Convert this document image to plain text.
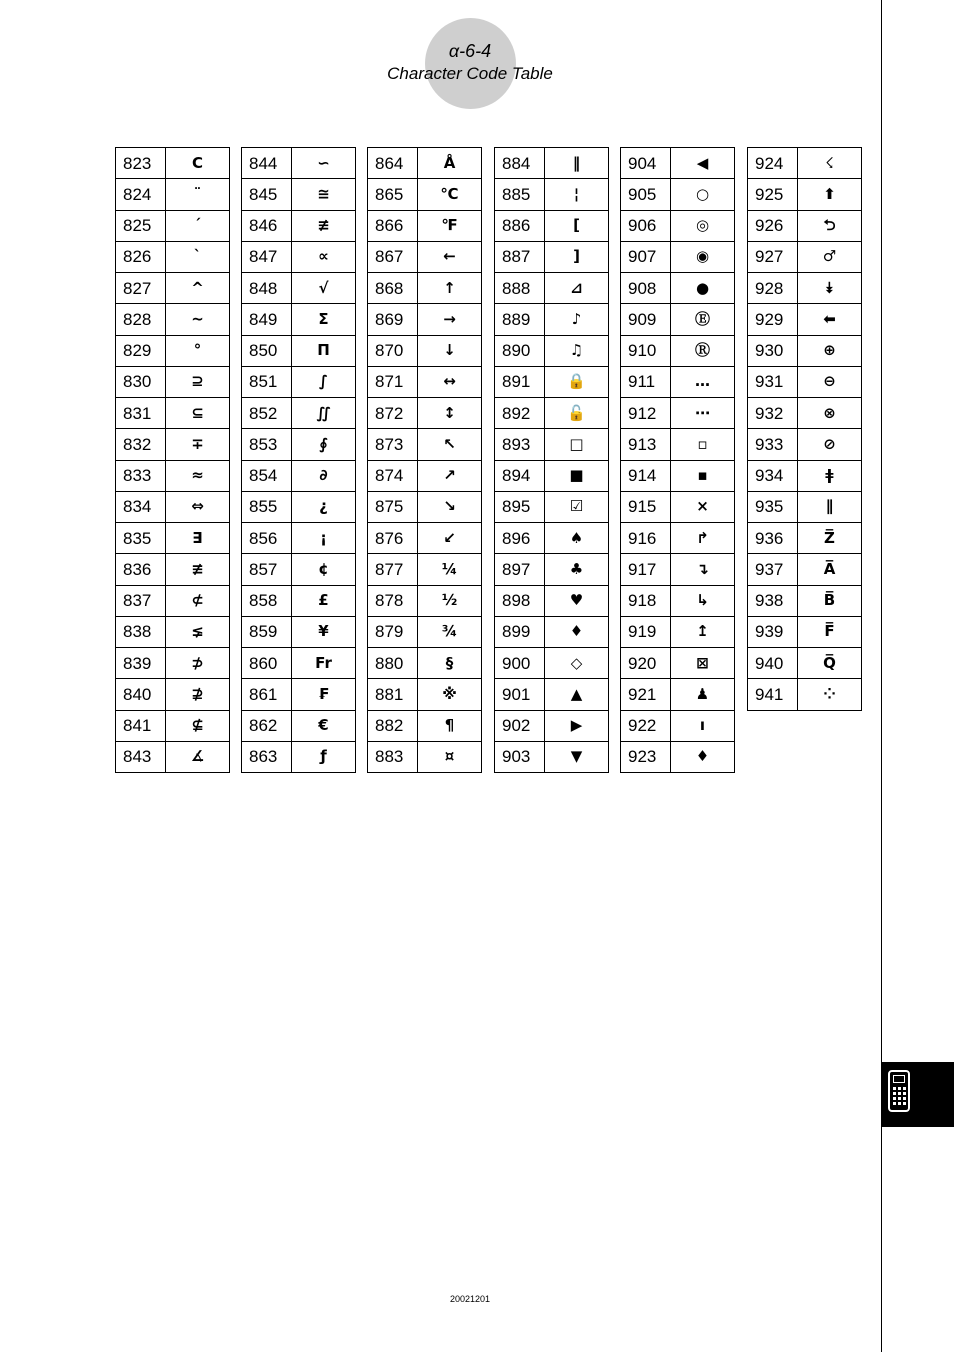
α-6-4
Character Code Table
823	C
824	¨
825	´
826	`
827	^
828	~
829	°
830	⊇
831	⊆
832	∓
833	≈
834	⇔
835	∃
836	≢
837	⊄
838	⪇
839	⊅
840	⊉
841	⊈
843	∡
844	∽
845	≅
846	≢
847	∝
848	√
849	Σ
850	Π
851	∫
852	∬
853	∮
854	∂
855	¿
856	¡
857	¢
858	£
859	¥
860	Fr
861	₣
862	€
863	ƒ
864	Å
865	℃
866	℉
867	←
868	↑
869	→
870	↓
871	↔
872	↕
873	↖
874	↗
875	↘
876	↙
877	¼
878	½
879	¾
880	§
881	※
882	¶
883	¤
884	‖
885	¦
886	[
887	]
888	⊿
889	♪
890	♫
891	🔒
892	🔓
893	□
894	■
895	☑
896	♠
897	♣
898	♥
899	♦
900	◇
901	▲
902	▶
903	▼
904	◀
905	○
906	◎
907	◉
908	●
909	Ⓔ
910	Ⓡ
911	…
912	⋯
913	▫
914	▪
915	×
916	↱
917	↴
918	↳
919	↥
920	⊠
921	♟
922	ı
923	♦
924	☇
925	⬆
926	⮌
927	♂
928	⯯
929	⬅
930	⊕
931	⊖
932	⊗
933	⊘
934	ǂ
935	∥
936	Z̅
937	A̅
938	B̅
939	F̅
940	Q̅
941	⁘
20021201
